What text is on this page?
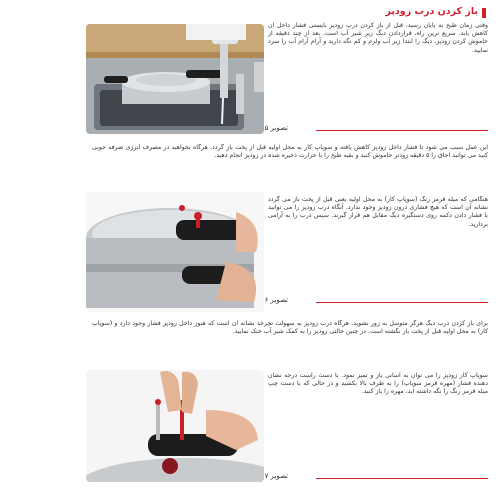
باز کردن درب زودپز
وقتی زمان طبخ به پایان رسید، قبل از باز کردن درب زودپز بایستی فشار داخل آن کاهش یابد. سریع ترین راه، قراردادن دیگ زیر شیر آب است. بعد از چند دقیقه از خاموش کردن زودپز، دیگ را ابتدا زیر آب ولرم و کم نگه دارید و آرام آرام آب را سرد نمایید.
تصویر ۵
این عمل سبب می شود تا فشار داخل زودپز کاهش یافته و سوپاپ کار به محل اولیه قبل از پخت باز گردد. هرگاه بخواهید در مصرف انرژی صرفه جویی کنید می توانید اجاق را ۵ دقیقه زودتر خاموش کنید و بقیه طبخ را با حرارت ذخیره شده در زودپز انجام دهید.
هنگامی که میله قرمز رنگ (سوپاپ کار) به محل اولیه یعنی قبل از پخت باز می گردد نشانه آن است که هیچ فشاری درون زودپز وجود ندارد. آنگاه درب زودپز را می توانید با فشار دادن دکمه روی دستگیره دیگ مقابل هم قرار گیرند. سپس درب را به آرامی بردارید.
تصویر ۶
برای باز کردن درب دیگ هرگز متوسل به زور نشوید. هرگاه درب زودپز به سهولت نچرخد نشانه آن است که هنوز داخل زودپز فشار وجود دارد و (سوپاپ کار) به محل اولیه قبل از پخت باز نگشته است. در چنین حالتی زودپز را به کمک شیر آب خنک نمایید.
سوپاپ کار زودپز را می توان به آسانی باز و تمیز نمود. با دست راست درجه نشان دهنده فشار (مهره قرمز سوپاپ) را به طرف بالا بکشید و در حالی که با دست چپ میله قرمز رنگ را نگه داشته اید، مهره را باز کنید.
تصویر ۷
